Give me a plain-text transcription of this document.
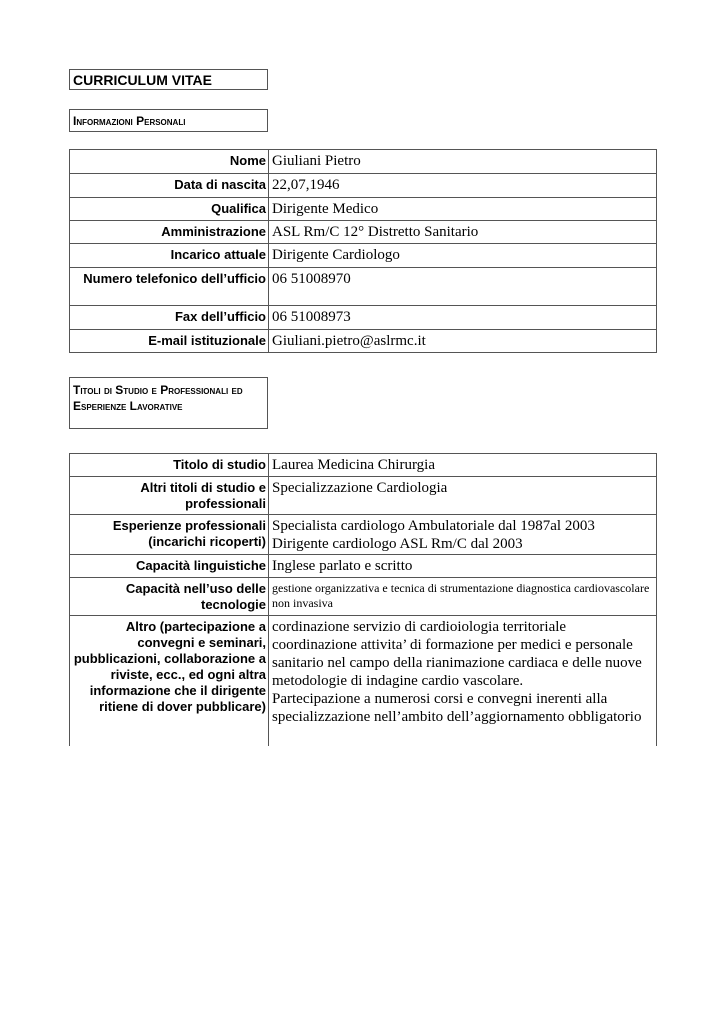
CURRICULUM VITAE
Informazioni Personali
Nome	Giuliani Pietro
Data di nascita	22,07,1946
Qualifica	Dirigente Medico
Amministrazione	ASL Rm/C 12° Distretto Sanitario
Incarico attuale	Dirigente Cardiologo
Numero telefonico dell’ufficio	06 51008970
Fax dell’ufficio	06 51008973
E-mail istituzionale	Giuliani.pietro@aslrmc.it
Titoli di Studio e Professionali ed Esperienze Lavorative
Titolo di studio	Laurea Medicina Chirurgia
Altri titoli di studio e professionali	Specializzazione Cardiologia
Esperienze professionali (incarichi ricoperti)	Specialista cardiologo Ambulatoriale dal 1987al 2003
Dirigente cardiologo ASL Rm/C dal 2003

Capacità linguistiche	Inglese parlato e scritto
Capacità nell’uso delle tecnologie	gestione organizzativa e tecnica di strumentazione diagnostica cardiovascolare non invasiva
Altro (partecipazione a convegni e seminari, pubblicazioni, collaborazione a riviste, ecc., ed ogni altra informazione che il dirigente ritiene di dover pubblicare)	cordinazione servizio di cardioiologia territoriale
coordinazione attivita’ di formazione per medici e personale sanitario nel campo della rianimazione cardiaca e delle nuove metodologie di indagine cardio vascolare.
Partecipazione a numerosi corsi e convegni inerenti alla specializzazione nell’ambito dell’aggiornamento obbligatorio
